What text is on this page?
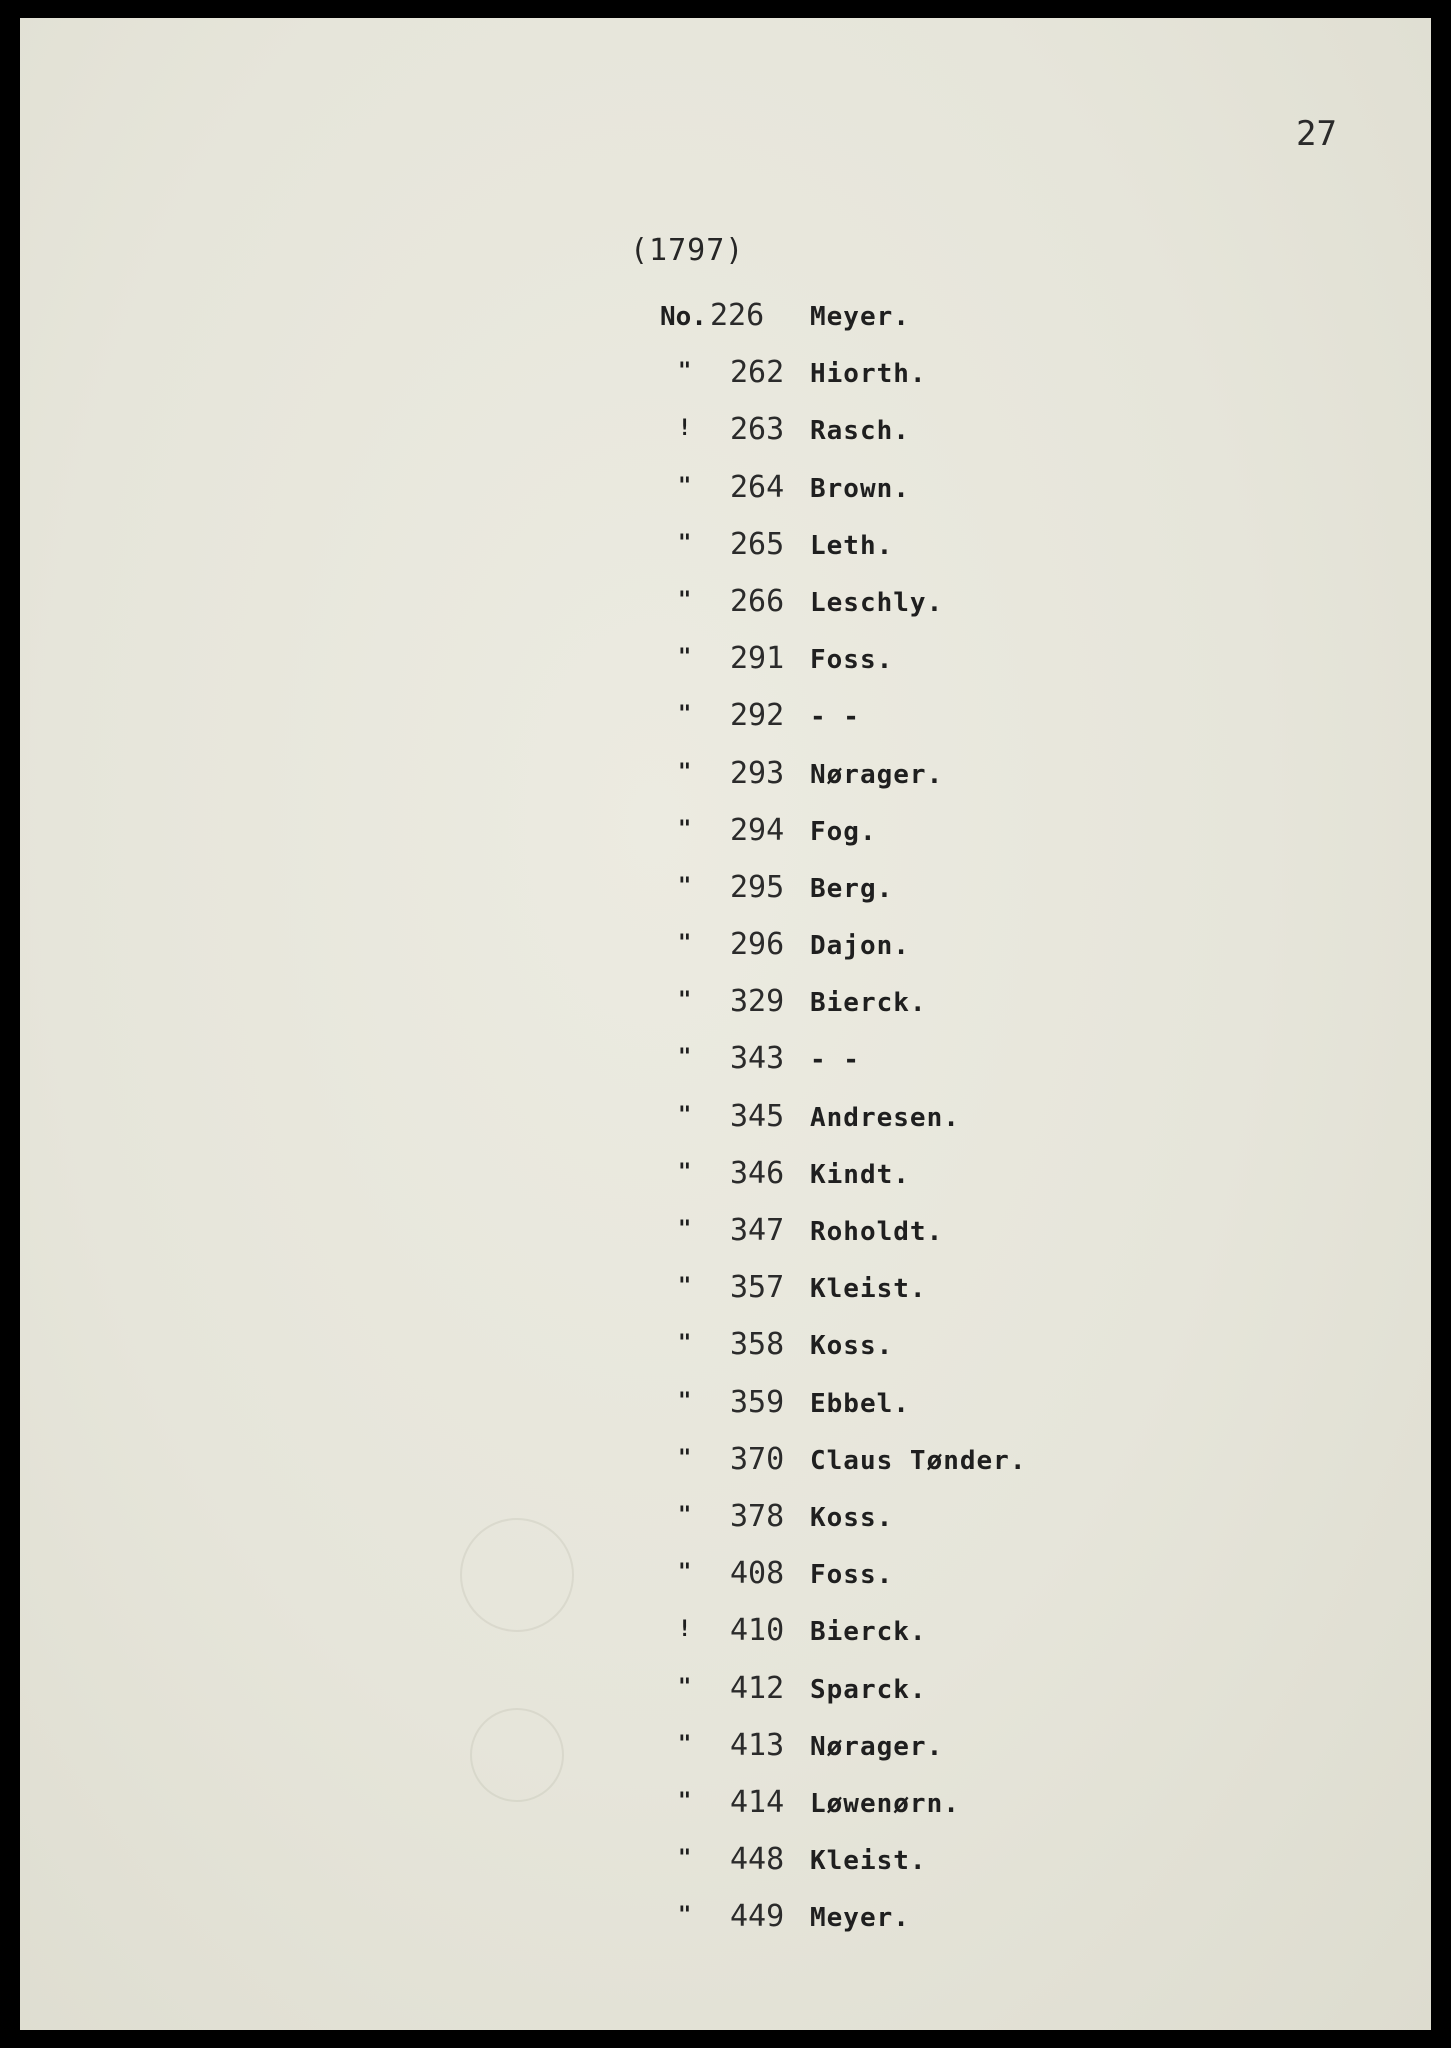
27
(1797)
No. 226 Meyer.
" 262 Hiorth.
! 263 Rasch.
" 264 Brown.
" 265 Leth.
" 266 Leschly.
" 291 Foss.
" 292 - -
" 293 Nørager.
" 294 Fog.
" 295 Berg.
" 296 Dajon.
" 329 Bierck.
" 343 - -
" 345 Andresen.
" 346 Kindt.
" 347 Roholdt.
" 357 Kleist.
" 358 Koss.
" 359 Ebbel.
" 370 Claus Tønder.
" 378 Koss.
" 408 Foss.
! 410 Bierck.
" 412 Sparck.
" 413 Nørager.
" 414 Løwenørn.
" 448 Kleist.
" 449 Meyer.
